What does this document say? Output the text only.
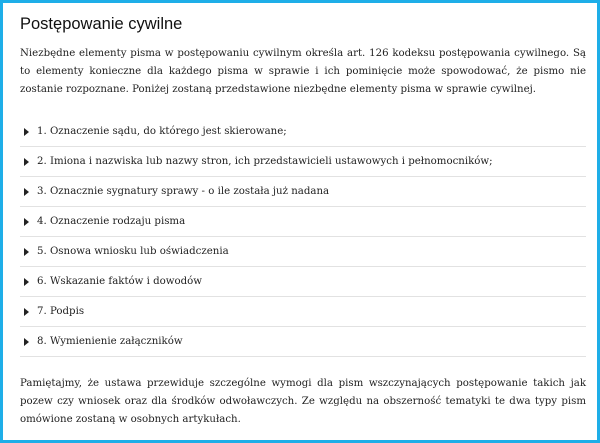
Postępowanie cywilne

Niezbędne elementy pisma w postępowaniu cywilnym określa art. 126 kodeksu postępowania cywilnego. Są to elementy konieczne dla każdego pisma w sprawie i ich pominięcie może spowodować, że pismo nie zostanie rozpoznane. Poniżej zostaną przedstawione niezbędne elementy pisma w sprawie cywilnej.

1. Oznaczenie sądu, do którego jest skierowane;
2. Imiona i nazwiska lub nazwy stron, ich przedstawicieli ustawowych i pełnomocników;
3. Oznacznie sygnatury sprawy - o ile została już nadana
4. Oznaczenie rodzaju pisma
5. Osnowa wniosku lub oświadczenia
6. Wskazanie faktów i dowodów
7. Podpis
8. Wymienienie załączników

Pamiętajmy, że ustawa przewiduje szczególne wymogi dla pism wszczynających postępowanie takich jak pozew czy wniosek oraz dla środków odwoławczych. Ze względu na obszerność tematyki te dwa typy pism omówione zostaną w osobnych artykułach.
